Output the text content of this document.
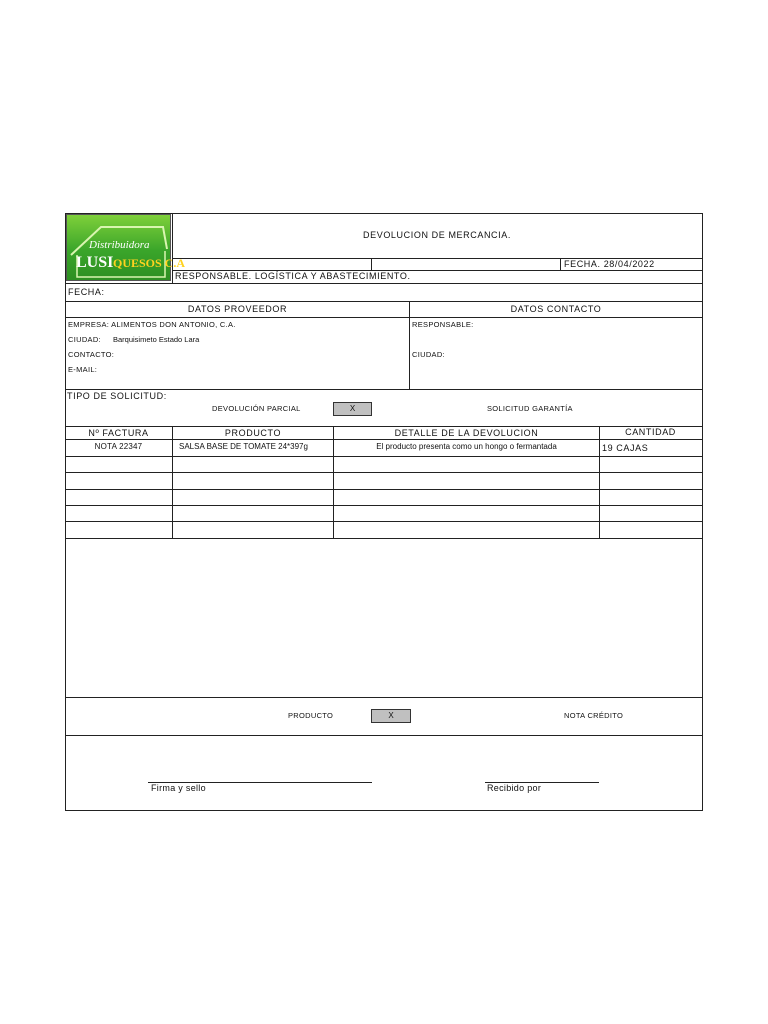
Distribuidora
LUSI QUESOS C.A
DEVOLUCION DE MERCANCIA.
FECHA. 28/04/2022
RESPONSABLE. LOGÍSTICA Y ABASTECIMIENTO.
FECHA:
DATOS PROVEEDOR	DATOS CONTACTO
EMPRESA: ALIMENTOS DON ANTONIO, C.A.
CIUDAD: Barquisimeto Estado Lara
CONTACTO:
E-MAIL:
RESPONSABLE:
CIUDAD:
TIPO DE SOLICITUD:
DEVOLUCIÓN PARCIAL	X	SOLICITUD GARANTÍA
Nº FACTURA	PRODUCTO	DETALLE DE LA DEVOLUCION	CANTIDAD
NOTA 22347	SALSA BASE DE TOMATE 24*397g	El producto presenta como un hongo o fermantada	19 CAJAS
PRODUCTO	X	NOTA CRÉDITO
Firma y sello	Recibido por
